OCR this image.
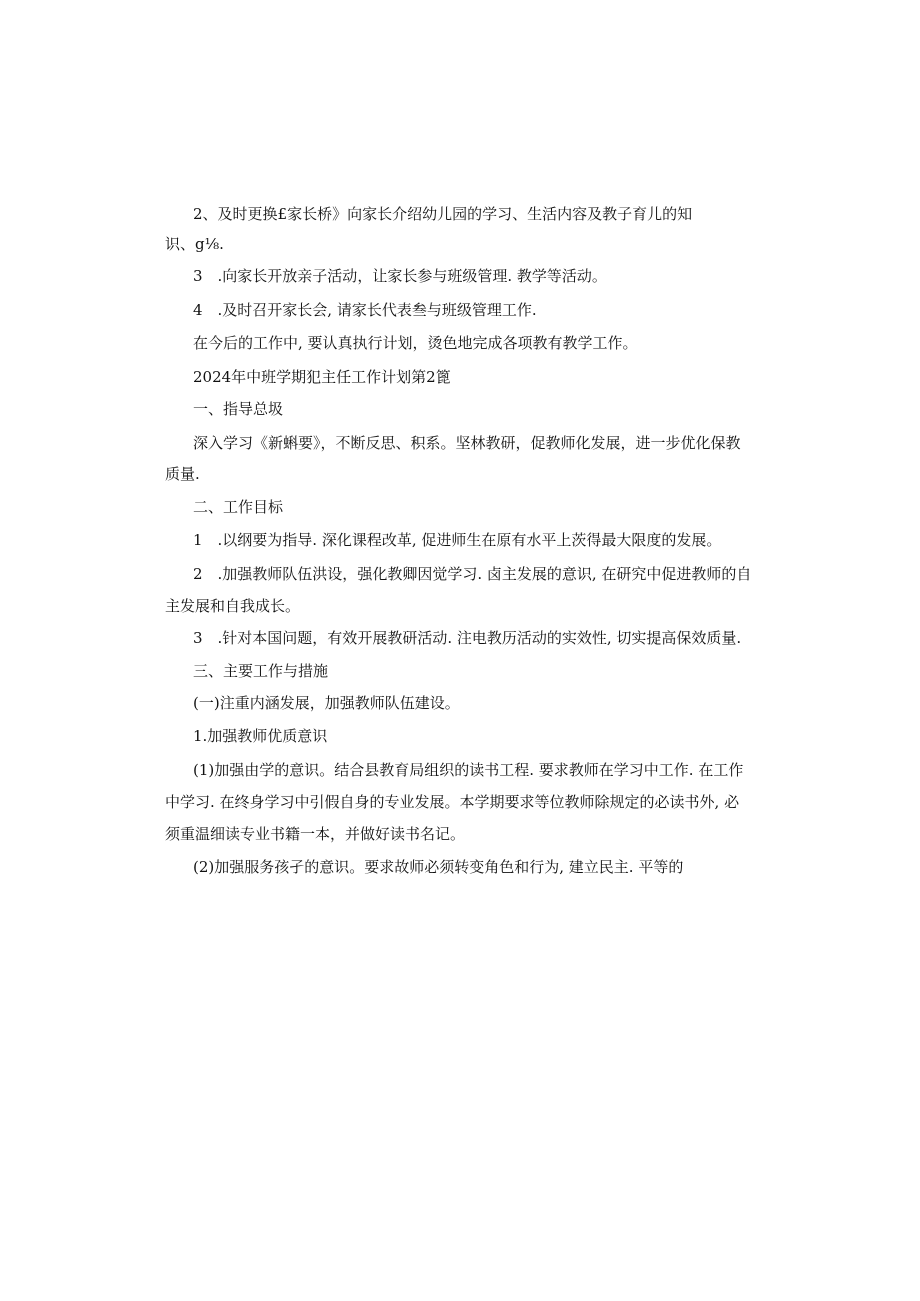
2、及时更换£家长桥》向家长介绍幼儿园的学习、生活内容及教子育儿的知
识、g⅛.
3　.向家长开放亲子活动，让家长参与班级管理. 教学等活动。
4　.及时召开家长会, 请家长代表叁与班级管理工作.
在今后的工作中, 要认真执行计划，烫色地完成各项教有教学工作。
2024年中班学期犯主任工作计划第2篦
一、指导总圾
深入学习《新蝌要》，不断反思、积系。坚林教研，促教师化发展，进一步优化保教
质量.
二、工作目标
1　.以纲要为指导. 深化课程改革, 促进师生在原有水平上茨得最大限度的发展。
2　.加强教师队伍洪设，强化教卿因觉学习. 卤主发展的意识, 在研究中促进教师的自
主发展和自我成长。
3　.针对本国问题，有效开展教研活动. 注电教历活动的实效性, 切实提高保效质量.
三、主要工作与措施
(一)注重内涵发展，加强教师队伍建设。
1.加强教师优质意识
(1)加强由学的意识。结合县教育局组织的读书工程. 要求教师在学习中工作. 在工作
中学习. 在终身学习中引假自身的专业发展。本学期要求等位教师除规定的必读书外, 必
须重温细读专业书籍一本，并做好读书名记。
(2)加强服务孩孑的意识。要求故师必须转变角色和行为, 建立民主. 平等的
